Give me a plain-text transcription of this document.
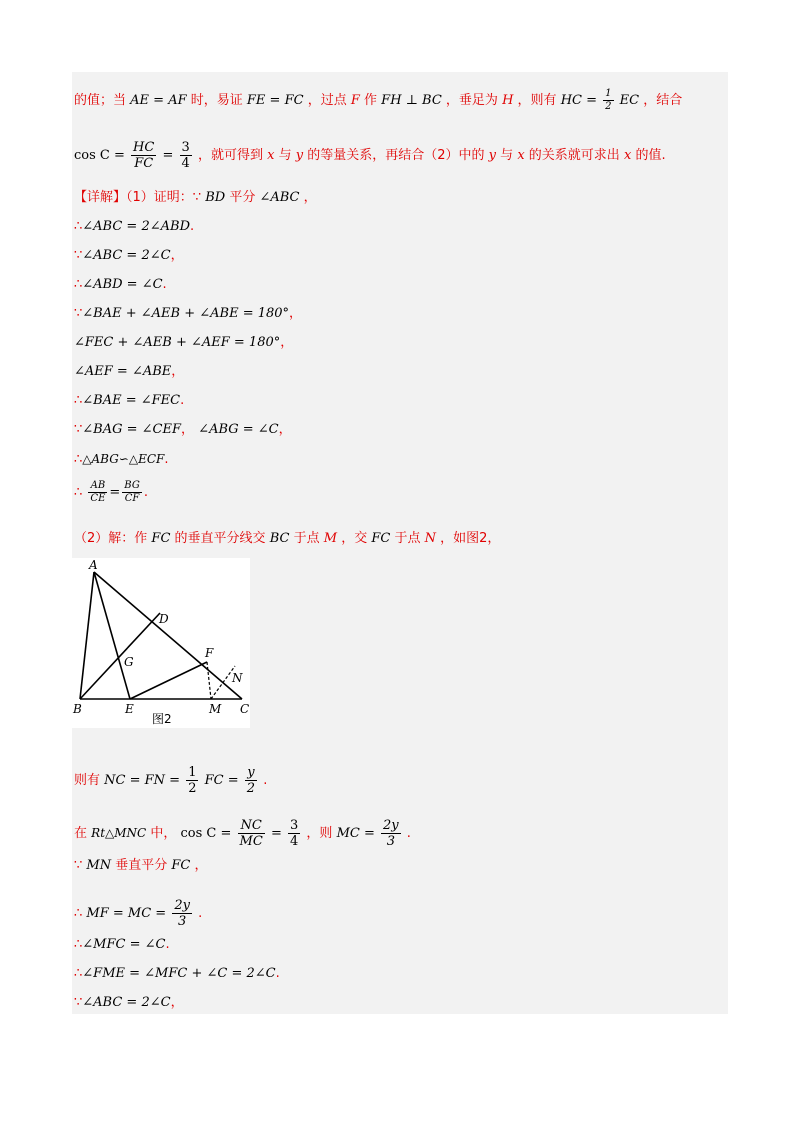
的值；当 AE = AF 时，易证 FE = FC ，过点 F 作 FH ⊥ BC ，垂足为 H ，则有 HC = $\frac{1}{2}$ EC ，结合
$\cos C = \frac{HC}{FC} = \frac{3}{4}$ ，就可得到 x 与 y 的等量关系，再结合（2）中的 y 与 x 的关系就可求出 x 的值.
【详解】（1）证明：∵ BD 平分 ∠ABC ，
∴∠ABC = 2∠ABD.
∵∠ABC = 2∠C，
∴∠ABD = ∠C.
∵∠BAE + ∠AEB + ∠ABE = 180°，
∠FEC + ∠AEB + ∠AEF = 180°，
∠AEF = ∠ABE，
∴∠BAE = ∠FEC.
∵∠BAG = ∠CEF， ∠ABG = ∠C，
∴△ABG∽△ECF.
∴ $\frac{AB}{CE} = \frac{BG}{CF}$ .
（2）解：作 FC 的垂直平分线交 BC 于点 M ，交 FC 于点 N ，如图2，
A
B	C
D
E
F
G
M
N
图2
则有 NC = FN = $\frac{1}{2}$ FC = $\frac{y}{2}$ .
在 Rt△MNC 中， $\cos C = \frac{NC}{MC} = \frac{3}{4}$ ，则 MC = $\frac{2y}{3}$ .
∵ MN 垂直平分 FC ，
∴ MF = MC = $\frac{2y}{3}$ .
∴∠MFC = ∠C.
∴∠FME = ∠MFC + ∠C = 2∠C.
∵∠ABC = 2∠C，
